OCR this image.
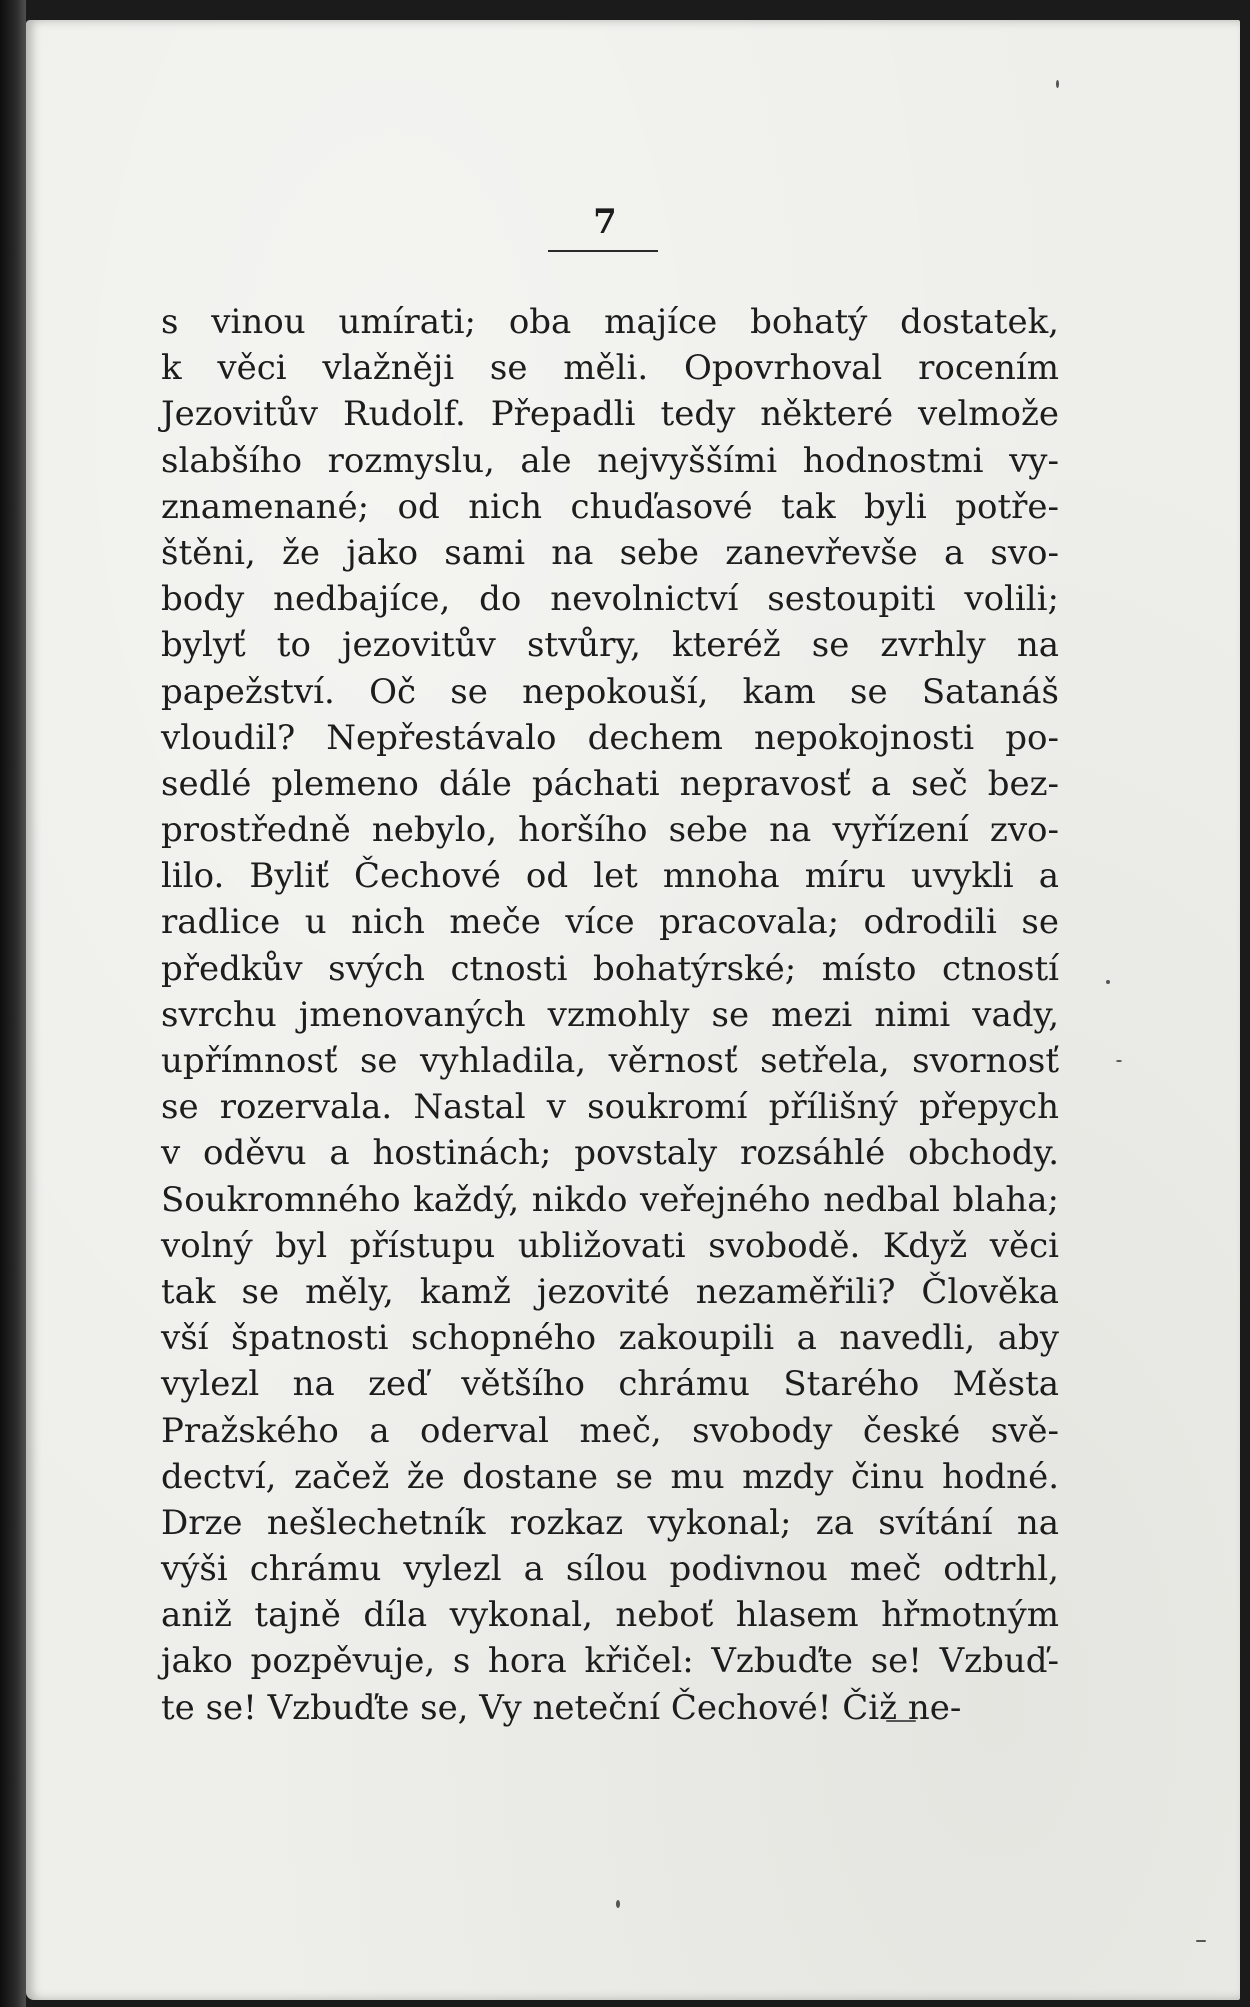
7
s vinou umírati; oba majíce bohatý dostatek,
k věci vlažněji se měli. Opovrhoval rocením
Jezovitův Rudolf. Přepadli tedy některé velmože
slabšího rozmyslu, ale nejvyššími hodnostmi vy-
znamenané; od nich chuďasové tak byli potře-
štěni, že jako sami na sebe zanevřevše a svo-
body nedbajíce, do nevolnictví sestoupiti volili;
bylyť to jezovitův stvůry, kteréž se zvrhly na
papežství. Oč se nepokouší, kam se Satanáš
vloudil? Nepřestávalo dechem nepokojnosti po-
sedlé plemeno dále páchati nepravosť a seč bez-
prostředně nebylo, horšího sebe na vyřízení zvo-
lilo. Byliť Čechové od let mnoha míru uvykli a
radlice u nich meče více pracovala; odrodili se
předkův svých ctnosti bohatýrské; místo ctností
svrchu jmenovaných vzmohly se mezi nimi vady,
upřímnosť se vyhladila, věrnosť setřela, svornosť
se rozervala. Nastal v soukromí přílišný přepych
v oděvu a hostinách; povstaly rozsáhlé obchody.
Soukromného každý, nikdo veřejného nedbal blaha;
volný byl přístupu ubližovati svobodě. Když věci
tak se měly, kamž jezovité nezaměřili? Člověka
vší špatnosti schopného zakoupili a navedli, aby
vylezl na zeď většího chrámu Starého Města
Pražského a oderval meč, svobody české svě-
dectví, začež že dostane se mu mzdy činu hodné.
Drze nešlechetník rozkaz vykonal; za svítání na
výši chrámu vylezl a sílou podivnou meč odtrhl,
aniž tajně díla vykonal, neboť hlasem hřmotným
jako pozpěvuje, s hora křičel: Vzbuďte se! Vzbuď-
te se! Vzbuďte se, Vy neteční Čechové! Čiž ne-
